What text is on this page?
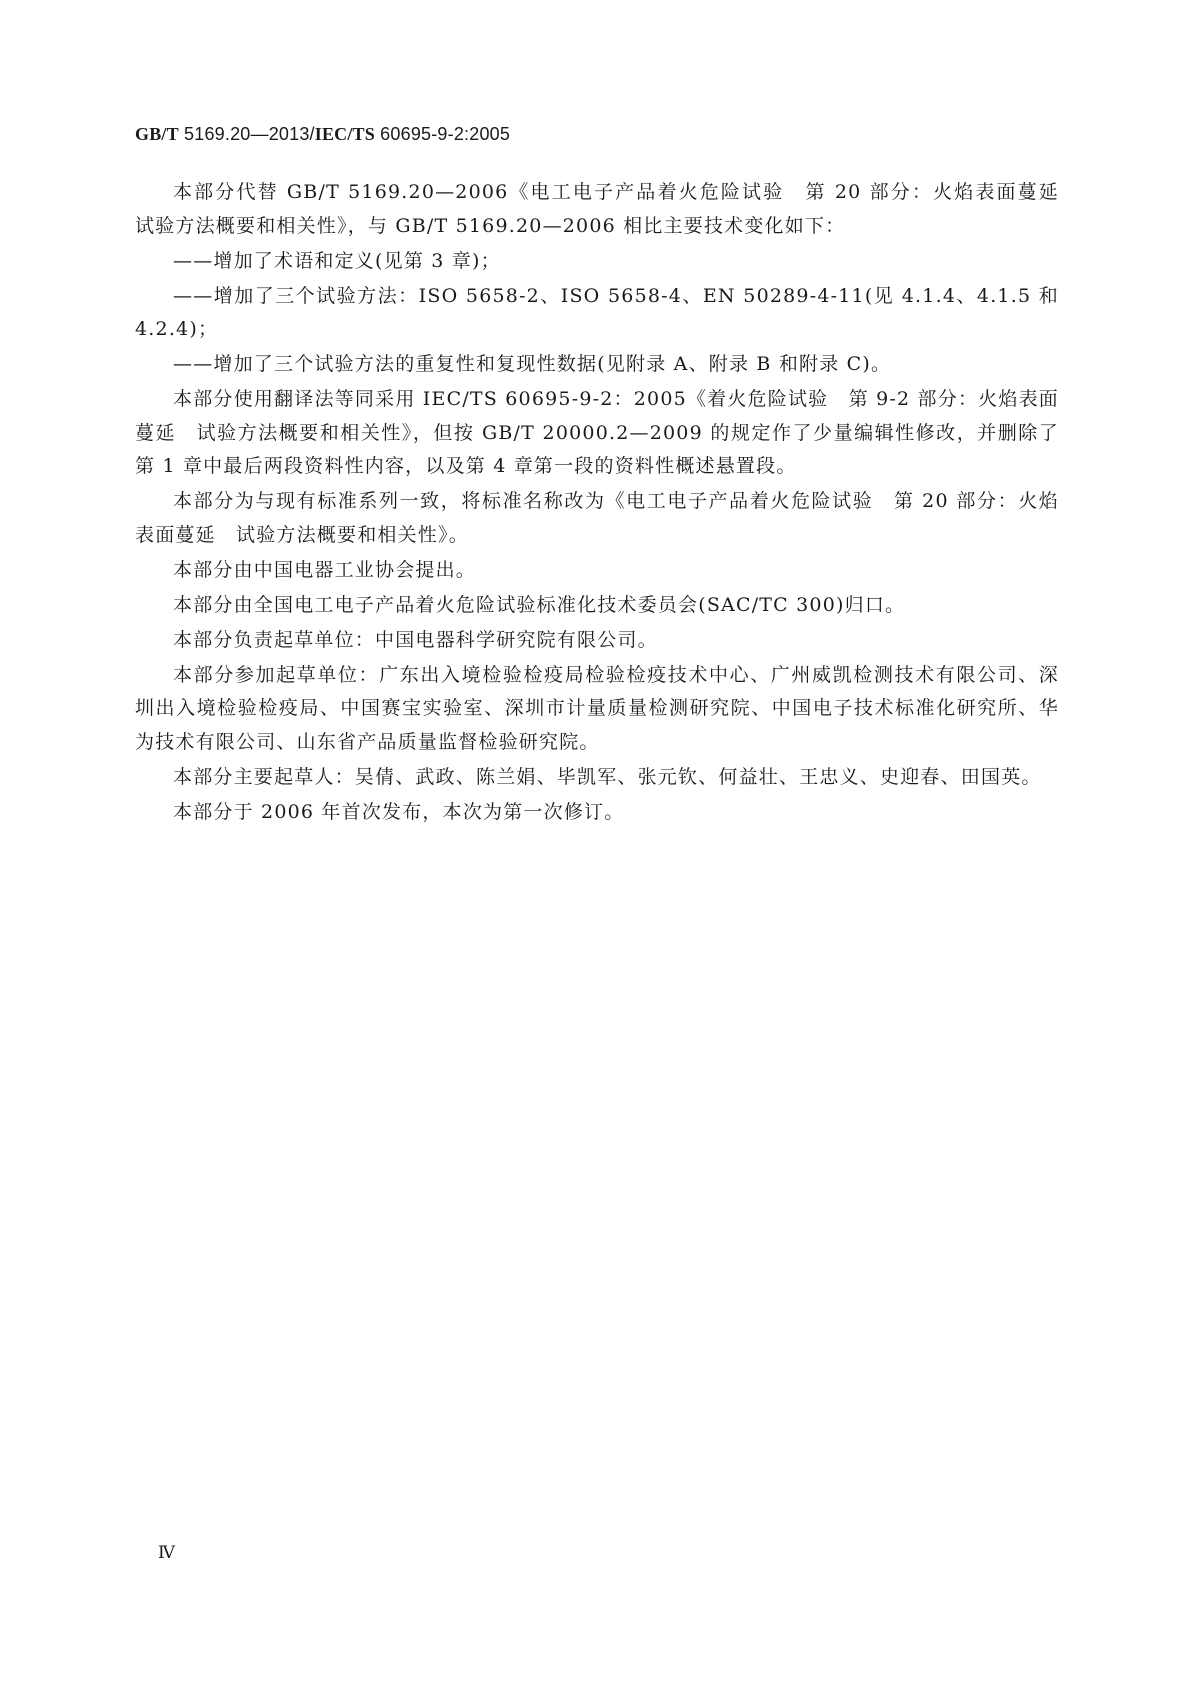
GB/T 5169.20—2013/IEC/TS 60695-9-2:2005

本部分代替 GB/T 5169.20—2006《电工电子产品着火危险试验　第 20 部分：火焰表面蔓延　试验方法概要和相关性》，与 GB/T 5169.20—2006 相比主要技术变化如下：

——增加了术语和定义(见第 3 章)；

——增加了三个试验方法：ISO 5658-2、ISO 5658-4、EN 50289-4-11(见 4.1.4、4.1.5 和 4.2.4)；

——增加了三个试验方法的重复性和复现性数据(见附录 A、附录 B 和附录 C)。

本部分使用翻译法等同采用 IEC/TS 60695-9-2：2005《着火危险试验　第 9-2 部分：火焰表面蔓延　试验方法概要和相关性》，但按 GB/T 20000.2—2009 的规定作了少量编辑性修改，并删除了第 1 章中最后两段资料性内容，以及第 4 章第一段的资料性概述悬置段。

本部分为与现有标准系列一致，将标准名称改为《电工电子产品着火危险试验　第 20 部分：火焰表面蔓延　试验方法概要和相关性》。

本部分由中国电器工业协会提出。

本部分由全国电工电子产品着火危险试验标准化技术委员会(SAC/TC 300)归口。

本部分负责起草单位：中国电器科学研究院有限公司。

本部分参加起草单位：广东出入境检验检疫局检验检疫技术中心、广州威凯检测技术有限公司、深圳出入境检验检疫局、中国赛宝实验室、深圳市计量质量检测研究院、中国电子技术标准化研究所、华为技术有限公司、山东省产品质量监督检验研究院。

本部分主要起草人：吴倩、武政、陈兰娟、毕凯军、张元钦、何益壮、王忠义、史迎春、田国英。

本部分于 2006 年首次发布，本次为第一次修订。

Ⅳ
